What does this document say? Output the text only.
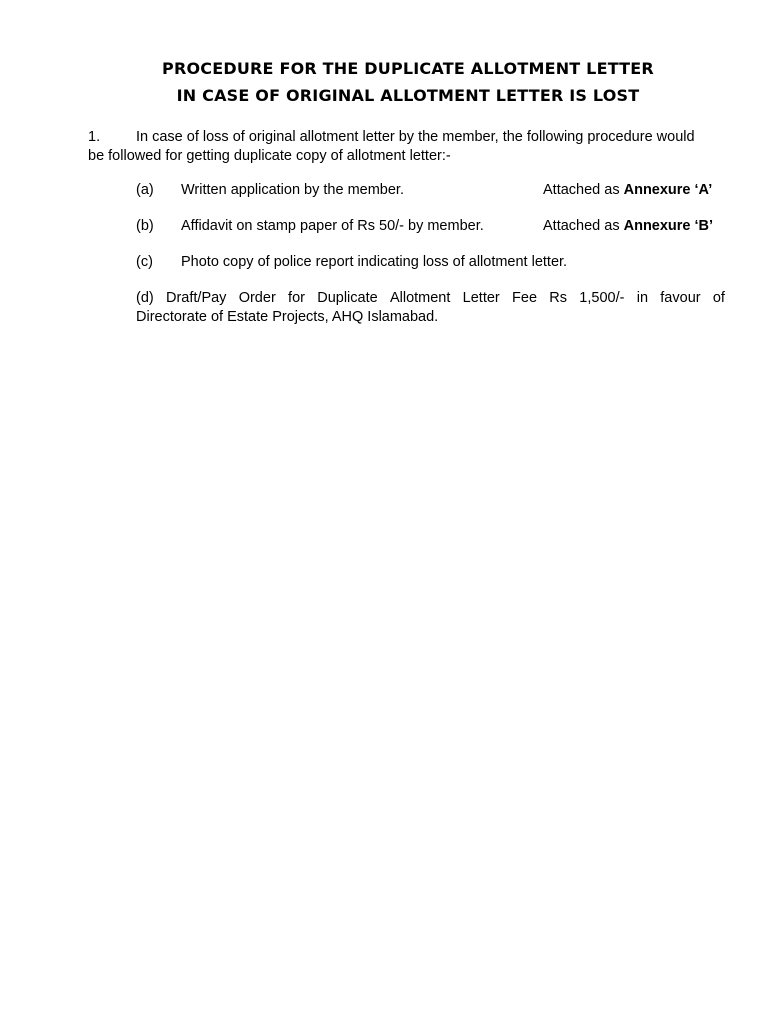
PROCEDURE FOR THE DUPLICATE ALLOTMENT LETTER
IN CASE OF ORIGINAL ALLOTMENT LETTER IS LOST
1.	In case of loss of original allotment letter by the member, the following procedure would
be followed for getting duplicate copy of allotment letter:-
(a) Written application by the member.	Attached as Annexure ‘A’
(b) Affidavit on stamp paper of Rs 50/- by member.	Attached as Annexure ‘B’
(c) Photo copy of police report indicating loss of allotment letter.
(d) Draft/Pay Order for Duplicate Allotment Letter Fee Rs 1,500/- in favour of
Directorate of Estate Projects, AHQ Islamabad.
